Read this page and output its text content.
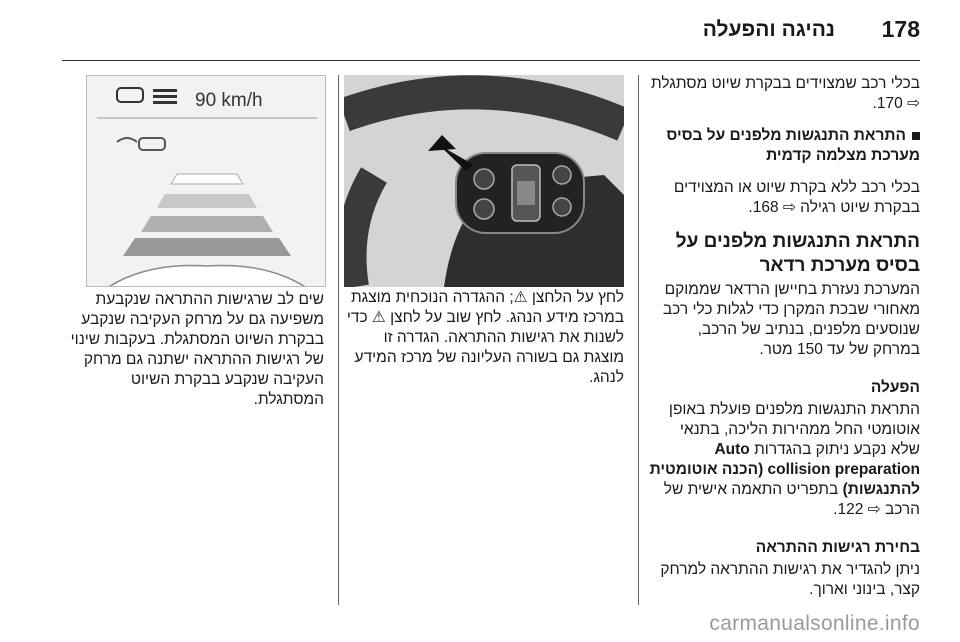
נהיגה והפעלה 178

בכלי רכב שמצוידים בבקרת שיוט מסתגלת ⇨ 170.

התראת התנגשות מלפנים על בסיס מערכת מצלמה קדמית

בכלי רכב ללא בקרת שיוט או המצוידים בבקרת שיוט רגילה ⇨ 168.

התראת התנגשות מלפנים על בסיס מערכת רדאר

המערכת נעזרת בחיישן הרדאר שממוקם מאחורי שבכת המקרן כדי לגלות כלי רכב שנוסעים מלפנים, בנתיב של הרכב, במרחק של עד 150 מטר.

הפעלה

התראת התנגשות מלפנים פועלת באופן אוטומטי החל ממהירות הליכה, בתנאי שלא נקבע ניתוק בהגדרות Auto collision preparation (הכנה אוטומטית להתנגשות) בתפריט התאמה אישית של הרכב ⇨ 122.

בחירת רגישות ההתראה

ניתן להגדיר את רגישות ההתראה למרחק קצר, בינוני וארוך.

לחץ על הלחצן ⚠; ההגדרה הנוכחית מוצגת במרכז מידע הנהג. לחץ שוב על לחצן ⚠ כדי לשנות את רגישות ההתראה. הגדרה זו מוצגת גם בשורה העליונה של מרכז המידע לנהג.

90 km/h

שים לב שרגישות ההתראה שנקבעת משפיעה גם על מרחק העקיבה שנקבע בבקרת השיוט המסתגלת. בעקבות שינוי של רגישות ההתראה ישתנה גם מרחק העקיבה שנקבע בבקרת השיוט המסתגלת.

carmanualsonline.info
